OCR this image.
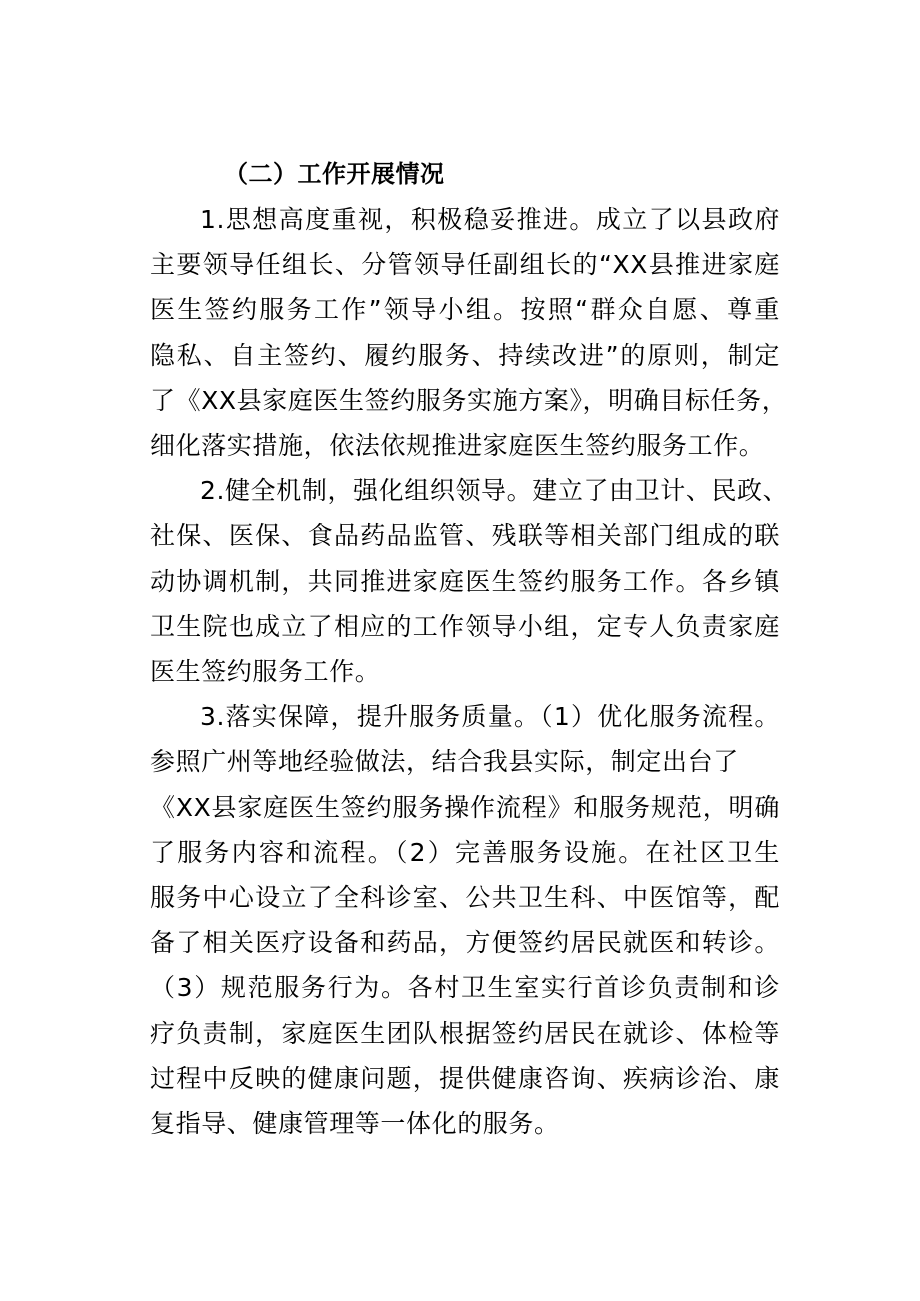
（二）工作开展情况
1.思想高度重视，积极稳妥推进。成立了以县政府
主要领导任组长、分管领导任副组长的“XX县推进家庭
医生签约服务工作”领导小组。按照“群众自愿、尊重
隐私、自主签约、履约服务、持续改进”的原则，制定
了《XX县家庭医生签约服务实施方案》，明确目标任务，
细化落实措施，依法依规推进家庭医生签约服务工作。
2.健全机制，强化组织领导。建立了由卫计、民政、
社保、医保、食品药品监管、残联等相关部门组成的联
动协调机制，共同推进家庭医生签约服务工作。各乡镇
卫生院也成立了相应的工作领导小组，定专人负责家庭
医生签约服务工作。
3.落实保障，提升服务质量。（1）优化服务流程。
参照广州等地经验做法，结合我县实际，制定出台了
《XX县家庭医生签约服务操作流程》和服务规范，明确
了服务内容和流程。（2）完善服务设施。在社区卫生
服务中心设立了全科诊室、公共卫生科、中医馆等，配
备了相关医疗设备和药品，方便签约居民就医和转诊。
（3）规范服务行为。各村卫生室实行首诊负责制和诊
疗负责制，家庭医生团队根据签约居民在就诊、体检等
过程中反映的健康问题，提供健康咨询、疾病诊治、康
复指导、健康管理等一体化的服务。
